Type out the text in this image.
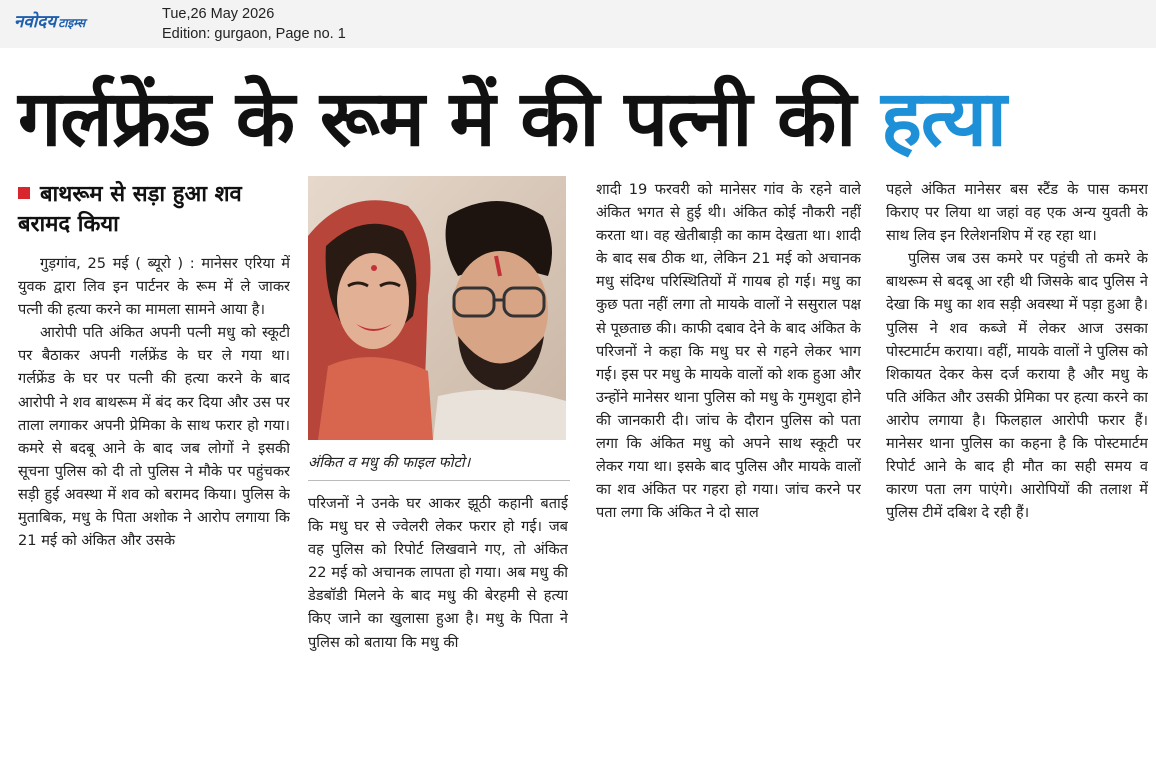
नवोदय टाइम्स
Tue,26 May 2026
Edition: gurgaon, Page no. 1
गर्लफ्रेंड के रूम में की पत्नी की हत्या
बाथरूम से सड़ा हुआ शव बरामद किया

गुड़गांव, 25 मई ( ब्यूरो ) : मानेसर एरिया में युवक द्वारा लिव इन पार्टनर के रूम में ले जाकर पत्नी की हत्या करने का मामला सामने आया है।

आरोपी पति अंकित अपनी पत्नी मधु को स्कूटी पर बैठाकर अपनी गर्लफ्रेंड के घर ले गया था। गर्लफ्रेंड के घर पर पत्नी की हत्या करने के बाद आरोपी ने शव बाथरूम में बंद कर दिया और उस पर ताला लगाकर अपनी प्रेमिका के साथ फरार हो गया। कमरे से बदबू आने के बाद जब लोगों ने इसकी सूचना पुलिस को दी तो पुलिस ने मौके पर पहुंचकर सड़ी हुई अवस्था में शव को बरामद किया। पुलिस के मुताबिक, मधु के पिता अशोक ने आरोप लगाया कि 21 मई को अंकित और उसके

अंकित व मधु की फाइल फोटो।

परिजनों ने उनके घर आकर झूठी कहानी बताई कि मधु घर से ज्वेलरी लेकर फरार हो गई। जब वह पुलिस को रिपोर्ट लिखवाने गए, तो अंकित 22 मई को अचानक लापता हो गया। अब मधु की डेडबॉडी मिलने के बाद मधु की बेरहमी से हत्या किए जाने का खुलासा हुआ है। मधु के पिता ने पुलिस को बताया कि मधु की

शादी 19 फरवरी को मानेसर गांव के रहने वाले अंकित भगत से हुई थी। अंकित कोई नौकरी नहीं करता था। वह खेतीबाड़ी का काम देखता था। शादी के बाद सब ठीक था, लेकिन 21 मई को अचानक मधु संदिग्ध परिस्थितियों में गायब हो गई। मधु का कुछ पता नहीं लगा तो मायके वालों ने ससुराल पक्ष से पूछताछ की। काफी दबाव देने के बाद अंकित के परिजनों ने कहा कि मधु घर से गहने लेकर भाग गई। इस पर मधु के मायके वालों को शक हुआ और उन्होंने मानेसर थाना पुलिस को मधु के गुमशुदा होने की जानकारी दी। जांच के दौरान पुलिस को पता लगा कि अंकित मधु को अपने साथ स्कूटी पर लेकर गया था। इसके बाद पुलिस और मायके वालों का शव अंकित पर गहरा हो गया। जांच करने पर पता लगा कि अंकित ने दो साल

पहले अंकित मानेसर बस स्टैंड के पास कमरा किराए पर लिया था जहां वह एक अन्य युवती के साथ लिव इन रिलेशनशिप में रह रहा था।

पुलिस जब उस कमरे पर पहुंची तो कमरे के बाथरूम से बदबू आ रही थी जिसके बाद पुलिस ने देखा कि मधु का शव सड़ी अवस्था में पड़ा हुआ है। पुलिस ने शव कब्जे में लेकर आज उसका पोस्टमार्टम कराया। वहीं, मायके वालों ने पुलिस को शिकायत देकर केस दर्ज कराया है और मधु के पति अंकित और उसकी प्रेमिका पर हत्या करने का आरोप लगाया है। फिलहाल आरोपी फरार हैं। मानेसर थाना पुलिस का कहना है कि पोस्टमार्टम रिपोर्ट आने के बाद ही मौत का सही समय व कारण पता लग पाएंगे। आरोपियों की तलाश में पुलिस टीमें दबिश दे रही हैं।
